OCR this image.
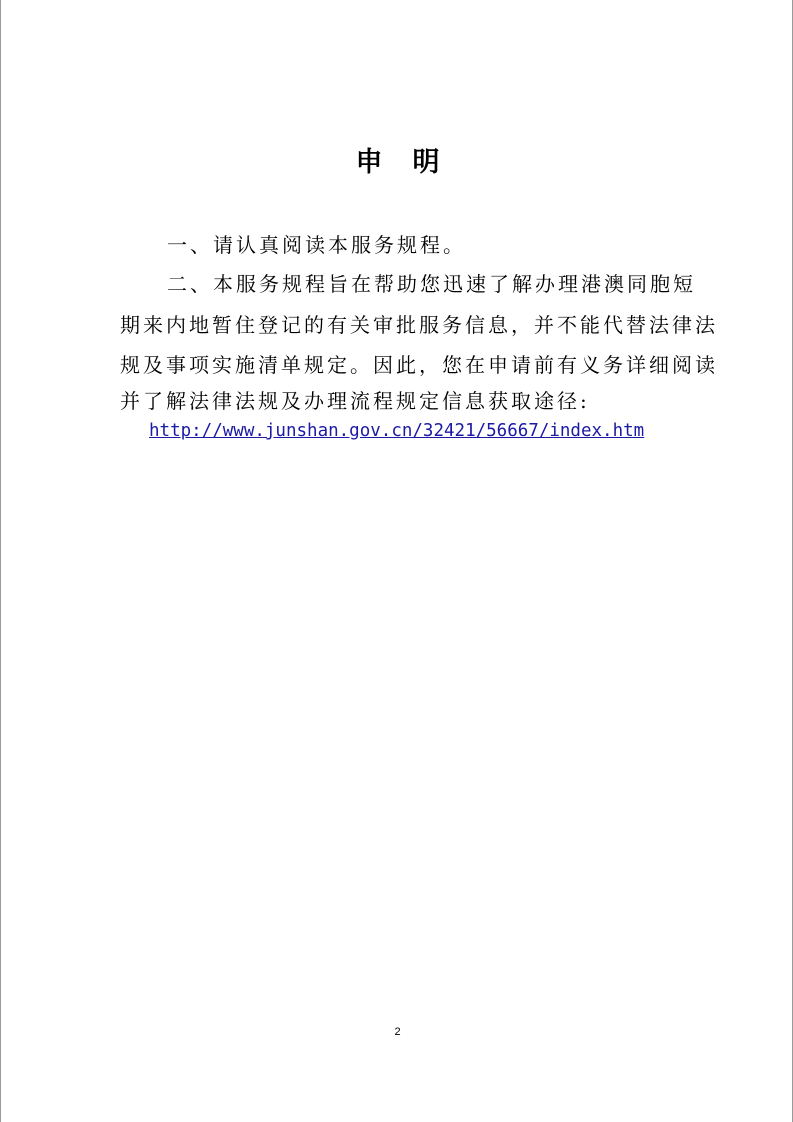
申明
一、请认真阅读本服务规程。
二、本服务规程旨在帮助您迅速了解办理港澳同胞短
期来内地暂住登记的有关审批服务信息，并不能代替法律法
规及事项实施清单规定。因此，您在申请前有义务详细阅读
并了解法律法规及办理流程规定信息获取途径:
http://www.junshan.gov.cn/32421/56667/index.htm
2
